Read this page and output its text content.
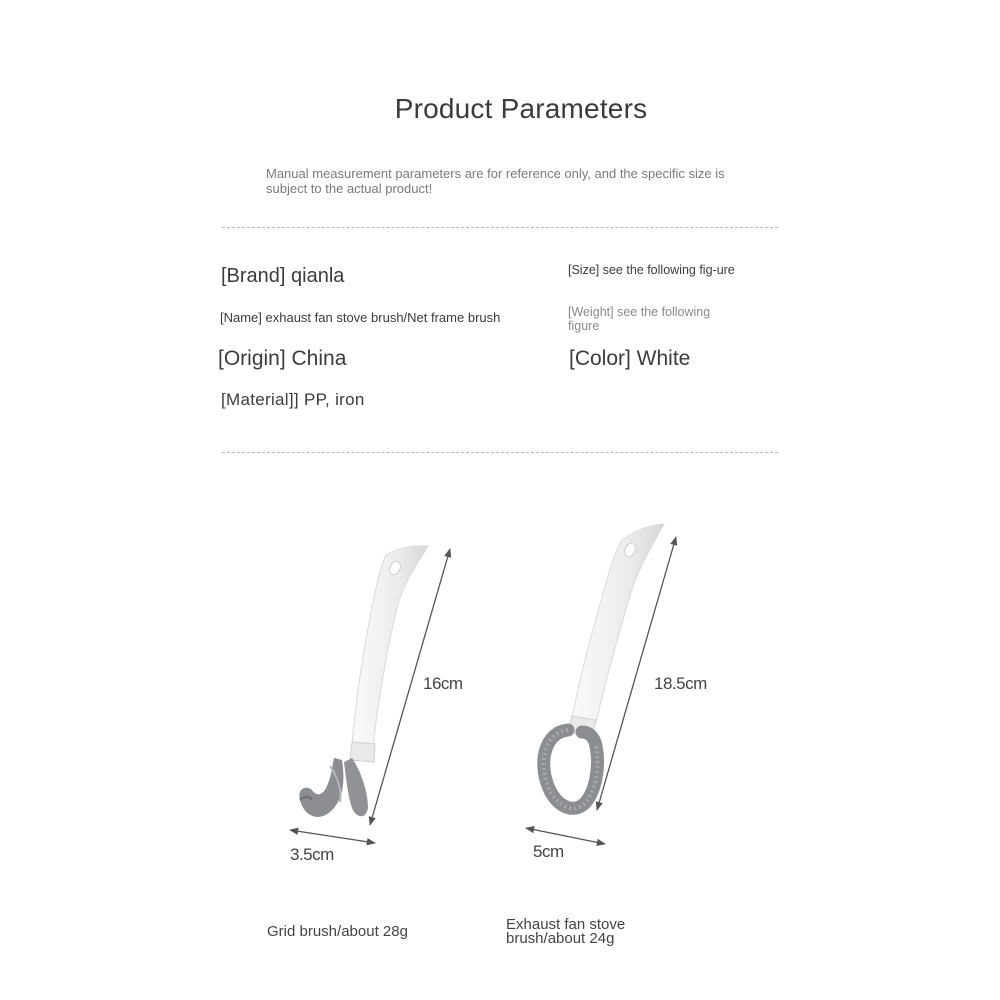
Product Parameters
Manual measurement parameters are for reference only, and the specific size is subject to the actual product!
[Brand] qianla
[Name] exhaust fan stove brush/Net frame brush
[Origin] China
[Material]] PP, iron
[Size] see the following fig-ure
[Weight] see the following figure
[Color] White
16cm
3.5cm
18.5cm
5cm
Grid brush/about 28g	Exhaust fan stove brush/about 24g
